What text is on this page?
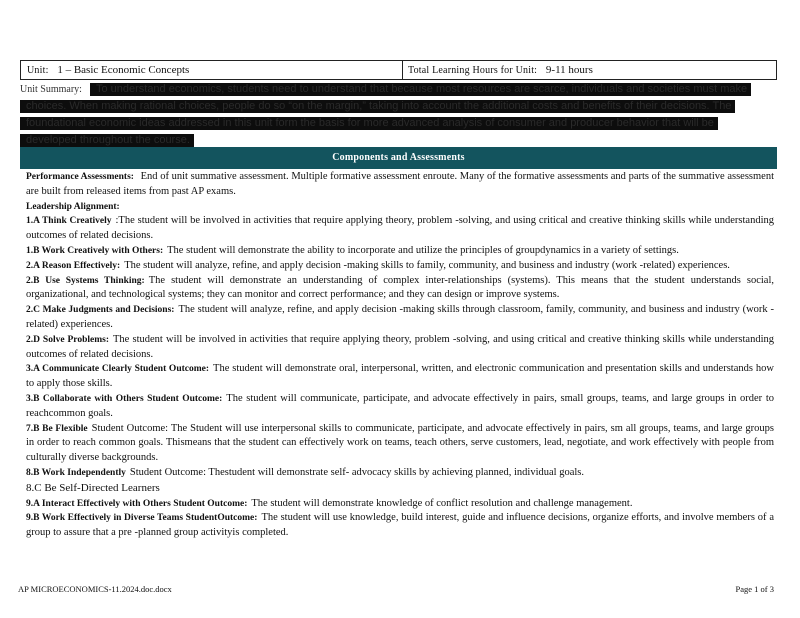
Unit: 1 – Basic Economic Concepts	Total Learning Hours for Unit: 9-11 hours
Unit Summary: To understand economics, students need to understand that because most resources are scarce, individuals and societies must make
choices. When making rational choices, people do so “on the margin,” taking into account the additional costs and benefits of their decisions. The
foundational economic ideas addressed in this unit form the basis for more advanced analysis of consumer and producer behavior that will be
developed throughout the course.
Components and Assessments

Performance Assessments: End of unit summative assessment. Multiple formative assessment enroute. Many of the formative assessments and parts of the summative assessment are built from released items from past AP exams.

Leadership Alignment:

1.A Think Creatively :The student will be involved in activities that require applying theory, problem -solving, and using critical and creative thinking skills while understanding outcomes of related decisions.

1.B Work Creatively with Others: The student will demonstrate the ability to incorporate and utilize the principles of groupdynamics in a variety of settings.

2.A Reason Effectively: The student will analyze, refine, and apply decision -making skills to family, community, and business and industry (work -related) experiences.

2.B Use Systems Thinking: The student will demonstrate an understanding of complex inter-relationships (systems). This means that the student understands social, organizational, and technological systems; they can monitor and correct performance; and they can design or improve systems.

2.C Make Judgments and Decisions: The student will analyze, refine, and apply decision -making skills through classroom, family, community, and business and industry (work -related) experiences.

2.D Solve Problems: The student will be involved in activities that require applying theory, problem -solving, and using critical and creative thinking skills while understanding outcomes of related decisions.

3.A Communicate Clearly Student Outcome: The student will demonstrate oral, interpersonal, written, and electronic communication and presentation skills and understands how to apply those skills.

3.B Collaborate with Others Student Outcome: The student will communicate, participate, and advocate effectively in pairs, small groups, teams, and large groups in order to reachcommon goals.

7.B Be Flexible Student Outcome: The Student will use interpersonal skills to communicate, participate, and advocate effectively in pairs, sm all groups, teams, and large groups in order to reach common goals. Thismeans that the student can effectively work on teams, teach others, serve customers, lead, negotiate, and work effectively with people from culturally diverse backgrounds.

8.B Work Independently Student Outcome: Thestudent will demonstrate self- advocacy skills by achieving planned, individual goals.

8.C Be Self-Directed Learners

9.A Interact Effectively with Others Student Outcome: The student will demonstrate knowledge of conflict resolution and challenge management.

9.B Work Effectively in Diverse Teams StudentOutcome: The student will use knowledge, build interest, guide and influence decisions, organize efforts, and involve members of a group to assure that a pre -planned group activityis completed.

AP MICROECONOMICS-11.2024.doc.docx	Page 1 of 3
